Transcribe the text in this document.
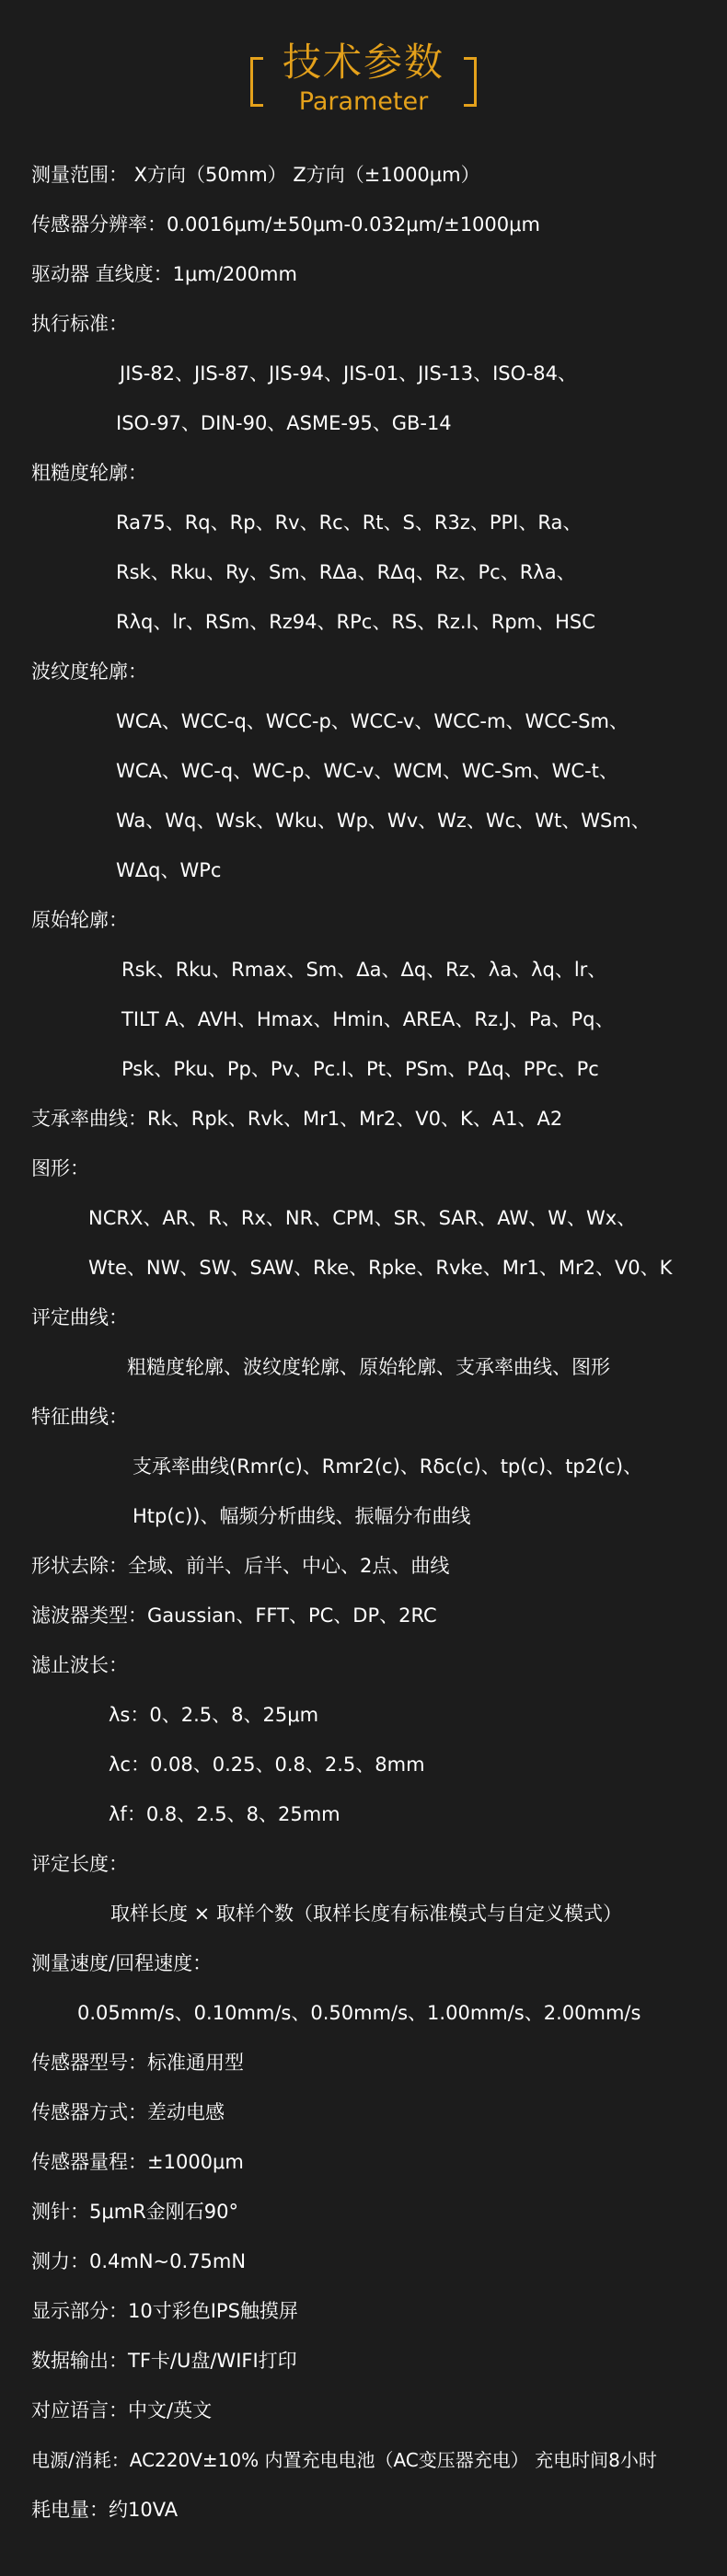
技术参数
Parameter
测量范围： X方向（50mm） Z方向（±1000μm）
传感器分辨率：0.0016μm/±50μm-0.032μm/±1000μm
驱动器 直线度：1μm/200mm
执行标准：
JIS-82、JIS-87、JIS-94、JIS-01、JIS-13、ISO-84、
ISO-97、DIN-90、ASME-95、GB-14
粗糙度轮廓：
Ra75、Rq、Rp、Rv、Rc、Rt、S、R3z、PPI、Ra、
Rsk、Rku、Ry、Sm、RΔa、RΔq、Rz、Pc、Rλa、
Rλq、lr、RSm、Rz94、RPc、RS、Rz.I、Rpm、HSC
波纹度轮廓：
WCA、WCC-q、WCC-p、WCC-v、WCC-m、WCC-Sm、
WCA、WC-q、WC-p、WC-v、WCM、WC-Sm、WC-t、
Wa、Wq、Wsk、Wku、Wp、Wv、Wz、Wc、Wt、WSm、
WΔq、WPc
原始轮廓：
Rsk、Rku、Rmax、Sm、Δa、Δq、Rz、λa、λq、lr、
TILT A、AVH、Hmax、Hmin、AREA、Rz.J、Pa、Pq、
Psk、Pku、Pp、Pv、Pc.I、Pt、PSm、PΔq、PPc、Pc
支承率曲线：Rk、Rpk、Rvk、Mr1、Mr2、V0、K、A1、A2
图形：
NCRX、AR、R、Rx、NR、CPM、SR、SAR、AW、W、Wx、
Wte、NW、SW、SAW、Rke、Rpke、Rvke、Mr1、Mr2、V0、K
评定曲线：
粗糙度轮廓、波纹度轮廓、原始轮廓、支承率曲线、图形
特征曲线：
支承率曲线(Rmr(c)、Rmr2(c)、Rδc(c)、tp(c)、tp2(c)、
Htp(c))、幅频分析曲线、振幅分布曲线
形状去除：全域、前半、后半、中心、2点、曲线
滤波器类型：Gaussian、FFT、PC、DP、2RC
滤止波长：
λs：0、2.5、8、25μm
λc：0.08、0.25、0.8、2.5、8mm
λf：0.8、2.5、8、25mm
评定长度：
取样长度 × 取样个数（取样长度有标准模式与自定义模式）
测量速度/回程速度：
0.05mm/s、0.10mm/s、0.50mm/s、1.00mm/s、2.00mm/s
传感器型号：标准通用型
传感器方式：差动电感
传感器量程：±1000μm
测针：5μmR金刚石90°
测力：0.4mN~0.75mN
显示部分：10寸彩色IPS触摸屏
数据输出：TF卡/U盘/WIFI打印
对应语言：中文/英文
电源/消耗：AC220V±10% 内置充电电池（AC变压器充电） 充电时间8小时
耗电量：约10VA
